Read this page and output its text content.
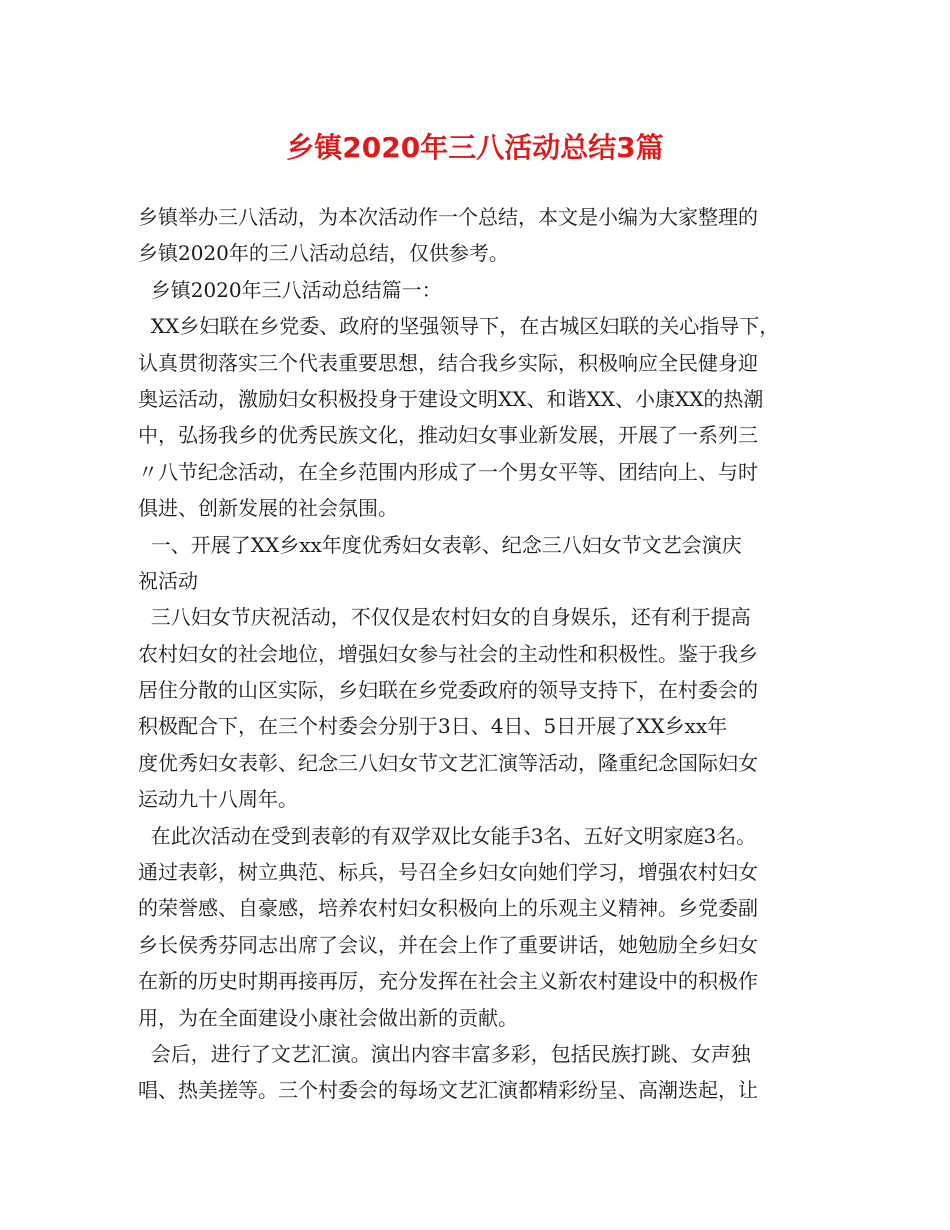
乡镇2020年三八活动总结3篇
乡镇举办三八活动，为本次活动作一个总结，本文是小编为大家整理的
乡镇2020年的三八活动总结，仅供参考。
乡镇2020年三八活动总结篇一：
XX乡妇联在乡党委、政府的坚强领导下，在古城区妇联的关心指导下，
认真贯彻落实三个代表重要思想，结合我乡实际，积极响应全民健身迎
奥运活动，激励妇女积极投身于建设文明XX、和谐XX、小康XX的热潮
中，弘扬我乡的优秀民族文化，推动妇女事业新发展，开展了一系列三
〃八节纪念活动，在全乡范围内形成了一个男女平等、团结向上、与时
俱进、创新发展的社会氛围。
一、开展了XX乡xx年度优秀妇女表彰、纪念三八妇女节文艺会演庆
祝活动
三八妇女节庆祝活动，不仅仅是农村妇女的自身娱乐，还有利于提高
农村妇女的社会地位，增强妇女参与社会的主动性和积极性。鉴于我乡
居住分散的山区实际，乡妇联在乡党委政府的领导支持下，在村委会的
积极配合下，在三个村委会分别于3日、4日、5日开展了XX乡xx年
度优秀妇女表彰、纪念三八妇女节文艺汇演等活动，隆重纪念国际妇女
运动九十八周年。
在此次活动在受到表彰的有双学双比女能手3名、五好文明家庭3名。
通过表彰，树立典范、标兵，号召全乡妇女向她们学习，增强农村妇女
的荣誉感、自豪感，培养农村妇女积极向上的乐观主义精神。乡党委副
乡长侯秀芬同志出席了会议，并在会上作了重要讲话，她勉励全乡妇女
在新的历史时期再接再厉，充分发挥在社会主义新农村建设中的积极作
用，为在全面建设小康社会做出新的贡献。
会后，进行了文艺汇演。演出内容丰富多彩，包括民族打跳、女声独
唱、热美搓等。三个村委会的每场文艺汇演都精彩纷呈、高潮迭起，让
